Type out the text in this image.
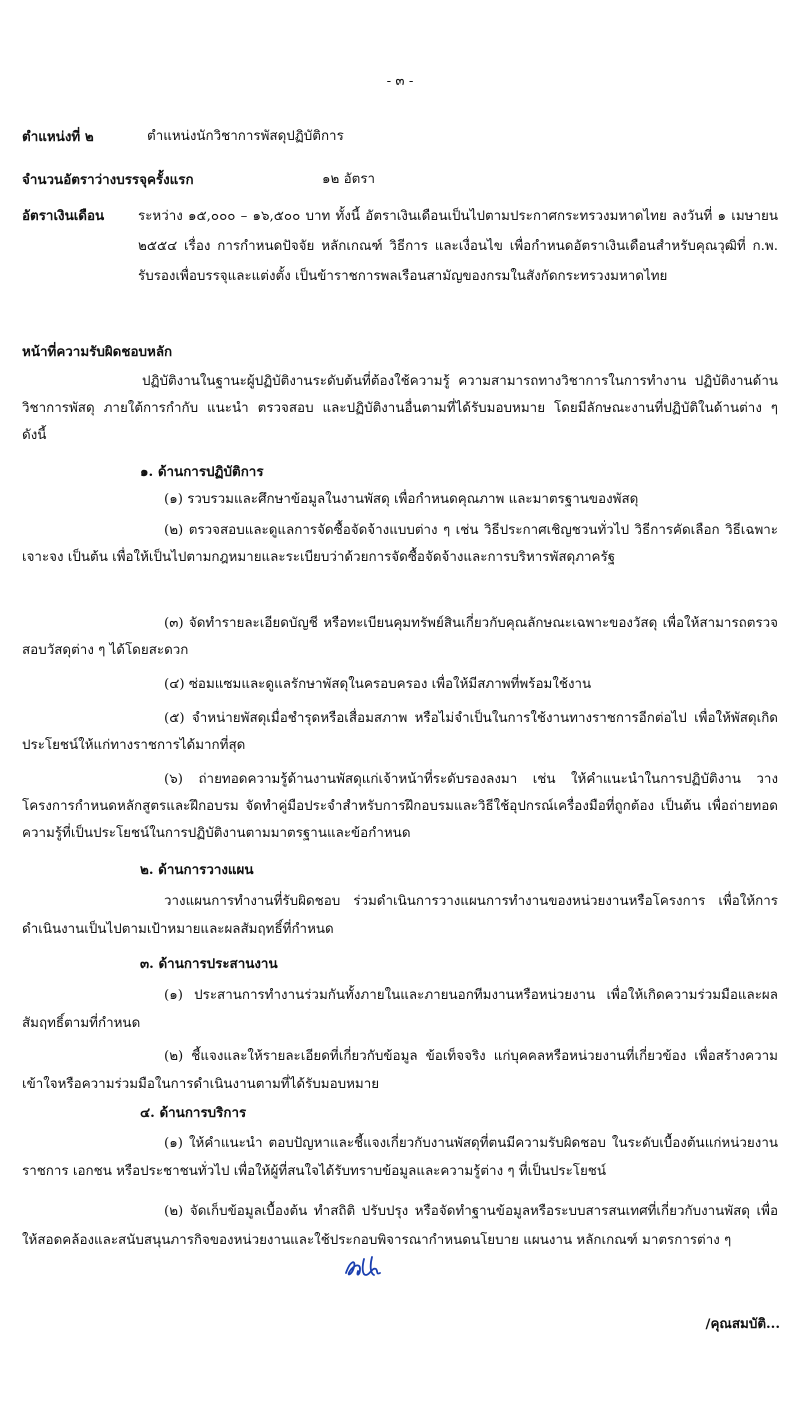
- ๓ -
ตำแหน่งที่ ๒	ตำแหน่งนักวิชาการพัสดุปฏิบัติการ
จำนวนอัตราว่างบรรจุครั้งแรก	๑๒ อัตรา
อัตราเงินเดือน	ระหว่าง ๑๕,๐๐๐ – ๑๖,๕๐๐ บาท ทั้งนี้ อัตราเงินเดือนเป็นไปตามประกาศกระทรวงมหาดไทย ลงวันที่ ๑ เมษายน ๒๕๕๔ เรื่อง การกำหนดปัจจัย หลักเกณฑ์ วิธีการ และเงื่อนไข เพื่อกำหนดอัตราเงินเดือนสำหรับคุณวุฒิที่ ก.พ. รับรองเพื่อบรรจุและแต่งตั้ง เป็นข้าราชการพลเรือนสามัญของกรมในสังกัดกระทรวงมหาดไทย
หน้าที่ความรับผิดชอบหลัก
ปฏิบัติงานในฐานะผู้ปฏิบัติงานระดับต้นที่ต้องใช้ความรู้ ความสามารถทางวิชาการในการทำงาน ปฏิบัติงานด้านวิชาการพัสดุ ภายใต้การกำกับ แนะนำ ตรวจสอบ และปฏิบัติงานอื่นตามที่ได้รับมอบหมาย โดยมีลักษณะงานที่ปฏิบัติในด้านต่าง ๆ ดังนี้
๑. ด้านการปฏิบัติการ
(๑) รวบรวมและศึกษาข้อมูลในงานพัสดุ เพื่อกำหนดคุณภาพ และมาตรฐานของพัสดุ
(๒) ตรวจสอบและดูแลการจัดซื้อจัดจ้างแบบต่าง ๆ เช่น วิธีประกาศเชิญชวนทั่วไป วิธีการคัดเลือก วิธีเฉพาะเจาะจง เป็นต้น เพื่อให้เป็นไปตามกฎหมายและระเบียบว่าด้วยการจัดซื้อจัดจ้างและการบริหารพัสดุภาครัฐ
(๓) จัดทำรายละเอียดบัญชี หรือทะเบียนคุมทรัพย์สินเกี่ยวกับคุณลักษณะเฉพาะของวัสดุ เพื่อให้สามารถตรวจสอบวัสดุต่าง ๆ ได้โดยสะดวก
(๔) ซ่อมแซมและดูแลรักษาพัสดุในครอบครอง เพื่อให้มีสภาพที่พร้อมใช้งาน
(๕) จำหน่ายพัสดุเมื่อชำรุดหรือเสื่อมสภาพ หรือไม่จำเป็นในการใช้งานทางราชการอีกต่อไป เพื่อให้พัสดุเกิดประโยชน์ให้แก่ทางราชการได้มากที่สุด
(๖) ถ่ายทอดความรู้ด้านงานพัสดุแก่เจ้าหน้าที่ระดับรองลงมา เช่น ให้คำแนะนำในการปฏิบัติงาน วางโครงการกำหนดหลักสูตรและฝึกอบรม จัดทำคู่มือประจำสำหรับการฝึกอบรมและวิธีใช้อุปกรณ์เครื่องมือที่ถูกต้อง เป็นต้น เพื่อถ่ายทอดความรู้ที่เป็นประโยชน์ในการปฏิบัติงานตามมาตรฐานและข้อกำหนด
๒. ด้านการวางแผน
วางแผนการทำงานที่รับผิดชอบ ร่วมดำเนินการวางแผนการทำงานของหน่วยงานหรือโครงการ เพื่อให้การดำเนินงานเป็นไปตามเป้าหมายและผลสัมฤทธิ์ที่กำหนด
๓. ด้านการประสานงาน
(๑) ประสานการทำงานร่วมกันทั้งภายในและภายนอกทีมงานหรือหน่วยงาน เพื่อให้เกิดความร่วมมือและผลสัมฤทธิ์ตามที่กำหนด
(๒) ชี้แจงและให้รายละเอียดที่เกี่ยวกับข้อมูล ข้อเท็จจริง แก่บุคคลหรือหน่วยงานที่เกี่ยวข้อง เพื่อสร้างความเข้าใจหรือความร่วมมือในการดำเนินงานตามที่ได้รับมอบหมาย
๔. ด้านการบริการ
(๑) ให้คำแนะนำ ตอบปัญหาและชี้แจงเกี่ยวกับงานพัสดุที่ตนมีความรับผิดชอบ ในระดับเบื้องต้นแก่หน่วยงานราชการ เอกชน หรือประชาชนทั่วไป เพื่อให้ผู้ที่สนใจได้รับทราบข้อมูลและความรู้ต่าง ๆ ที่เป็นประโยชน์
(๒) จัดเก็บข้อมูลเบื้องต้น ทำสถิติ ปรับปรุง หรือจัดทำฐานข้อมูลหรือระบบสารสนเทศที่เกี่ยวกับงานพัสดุ เพื่อให้สอดคล้องและสนับสนุนภารกิจของหน่วยงานและใช้ประกอบพิจารณากำหนดนโยบาย แผนงาน หลักเกณฑ์ มาตรการต่าง ๆ
/คุณสมบัติ...
